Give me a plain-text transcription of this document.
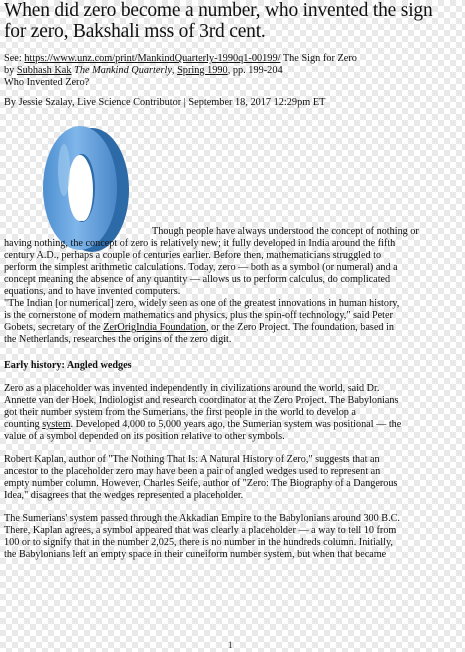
When did zero become a number, who invented the sign
for zero, Bakshali mss of 3rd cent.
See: https://www.unz.com/print/MankindQuarterly-1990q1-00199/ The Sign for Zero
by Subhash Kak The Mankind Quarterly, Spring 1990, pp. 199-204
Who Invented Zero?
By Jessie Szalay, Live Science Contributor | September 18, 2017 12:29pm ET
Though people have always understood the concept of nothing or
having nothing, the concept of zero is relatively new; it fully developed in India around the fifth
century A.D., perhaps a couple of centuries earlier. Before then, mathematicians struggled to
perform the simplest arithmetic calculations. Today, zero — both as a symbol (or numeral) and a
concept meaning the absence of any quantity — allows us to perform calculus, do complicated
equations, and to have invented computers.
"The Indian [or numerical] zero, widely seen as one of the greatest innovations in human history,
is the cornerstone of modern mathematics and physics, plus the spin-off technology," said Peter
Gobets, secretary of the ZerOrigIndia Foundation, or the Zero Project. The foundation, based in
the Netherlands, researches the origins of the zero digit.
Early history: Angled wedges
Zero as a placeholder was invented independently in civilizations around the world, said Dr.
Annette van der Hoek, Indiologist and research coordinator at the Zero Project. The Babylonians
got their number system from the Sumerians, the first people in the world to develop a
counting system. Developed 4,000 to 5,000 years ago, the Sumerian system was positional — the
value of a symbol depended on its position relative to other symbols.
Robert Kaplan, author of "The Nothing That Is: A Natural History of Zero," suggests that an
ancestor to the placeholder zero may have been a pair of angled wedges used to represent an
empty number column. However, Charles Seife, author of "Zero: The Biography of a Dangerous
Idea," disagrees that the wedges represented a placeholder.
The Sumerians' system passed through the Akkadian Empire to the Babylonians around 300 B.C.
There, Kaplan agrees, a symbol appeared that was clearly a placeholder — a way to tell 10 from
100 or to signify that in the number 2,025, there is no number in the hundreds column. Initially,
the Babylonians left an empty space in their cuneiform number system, but when that became
1
